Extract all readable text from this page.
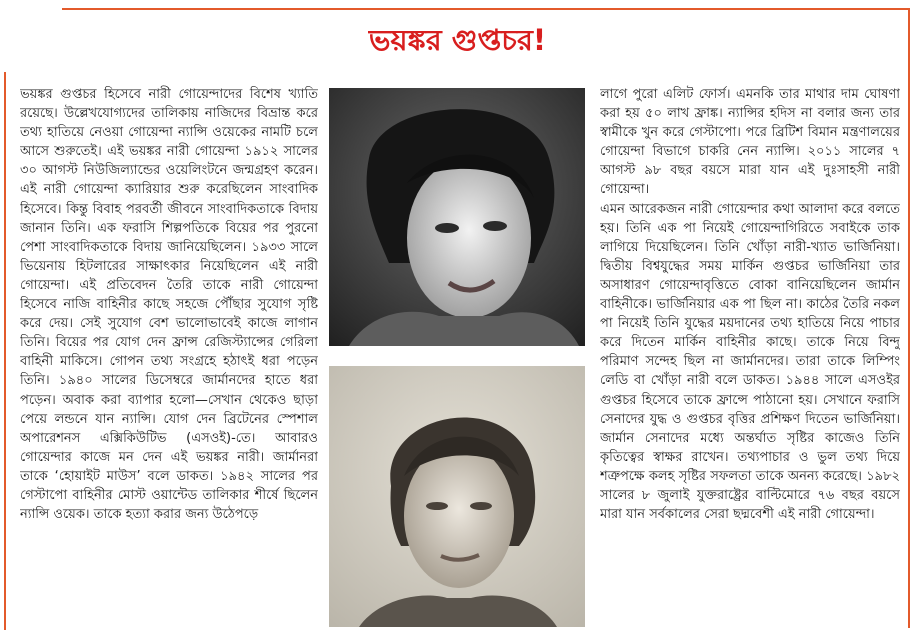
ভয়ঙ্কর গুপ্তচর!

ভয়ঙ্কর গুপ্তচর হিসেবে নারী গোয়েন্দাদের বিশেষ খ্যাতি রয়েছে। উল্লেখযোগ্যদের তালিকায় নাজিদের বিভ্রান্ত করে তথ্য হাতিয়ে নেওয়া গোয়েন্দা ন্যান্সি ওয়েকের নামটি চলে আসে শুরুতেই। এই ভয়ঙ্কর নারী গোয়েন্দা ১৯১২ সালের ৩০ আগস্ট নিউজিল্যান্ডের ওয়েলিংটনে জন্মগ্রহণ করেন। এই নারী গোয়েন্দা ক্যারিয়ার শুরু করেছিলেন সাংবাদিক হিসেবে। কিন্তু বিবাহ পরবর্তী জীবনে সাংবাদিকতাকে বিদায় জানান তিনি। এক ফরাসি শিল্পপতিকে বিয়ের পর পুরনো পেশা সাংবাদিকতাকে বিদায় জানিয়েছিলেন। ১৯৩৩ সালে ভিয়েনায় হিটলারের সাক্ষাৎকার নিয়েছিলেন এই নারী গোয়েন্দা। এই প্রতিবেদন তৈরি তাকে নারী গোয়েন্দা হিসেবে নাজি বাহিনীর কাছে সহজে পৌঁছার সুযোগ সৃষ্টি করে দেয়। সেই সুযোগ বেশ ভালোভাবেই কাজে লাগান তিনি। বিয়ের পর যোগ দেন ফ্রান্স রেজিস্ট্যান্সের গেরিলা বাহিনী মাকিসে। গোপন তথ্য সংগ্রহে হঠাৎই ধরা পড়েন তিনি। ১৯৪০ সালের ডিসেম্বরে জার্মানদের হাতে ধরা পড়েন। অবাক করা ব্যাপার হলো—সেখান থেকেও ছাড়া পেয়ে লন্ডনে যান ন্যান্সি। যোগ দেন ব্রিটেনের স্পেশাল অপারেশনস এক্সিকিউটিভ (এসওই)-তে। আবারও গোয়েন্দার কাজে মন দেন এই ভয়ঙ্কর নারী। জার্মানরা তাকে ‘হোয়াইট মাউস’ বলে ডাকত। ১৯৪২ সালের পর গেস্টাপো বাহিনীর মোস্ট ওয়ান্টেড তালিকার শীর্ষে ছিলেন ন্যান্সি ওয়েক। তাকে হত্যা করার জন্য উঠেপড়ে

লাগে পুরো এলিট ফোর্স। এমনকি তার মাথার দাম ঘোষণা করা হয় ৫০ লাখ ফ্রাঙ্ক। ন্যান্সির হদিস না বলার জন্য তার স্বামীকে খুন করে গেস্টাপো। পরে ব্রিটিশ বিমান মন্ত্রণালয়ের গোয়েন্দা বিভাগে চাকরি নেন ন্যান্সি। ২০১১ সালের ৭ আগস্ট ৯৮ বছর বয়সে মারা যান এই দুঃসাহসী নারী গোয়েন্দা।

এমন আরেকজন নারী গোয়েন্দার কথা আলাদা করে বলতে হয়। তিনি এক পা নিয়েই গোয়েন্দাগিরিতে সবাইকে তাক লাগিয়ে দিয়েছিলেন। তিনি খোঁড়া নারী-খ্যাত ভার্জিনিয়া। দ্বিতীয় বিশ্বযুদ্ধের সময় মার্কিন গুপ্তচর ভার্জিনিয়া তার অসাধারণ গোয়েন্দাবৃত্তিতে বোকা বানিয়েছিলেন জার্মান বাহিনীকে। ভার্জিনিয়ার এক পা ছিল না। কাঠের তৈরি নকল পা নিয়েই তিনি যুদ্ধের ময়দানের তথ্য হাতিয়ে নিয়ে পাচার করে দিতেন মার্কিন বাহিনীর কাছে। তাকে নিয়ে বিন্দু পরিমাণ সন্দেহ ছিল না জার্মানদের। তারা তাকে লিম্পিং লেডি বা খোঁড়া নারী বলে ডাকত। ১৯৪৪ সালে এসওইর গুপ্তচর হিসেবে তাকে ফ্রান্সে পাঠানো হয়। সেখানে ফরাসি সেনাদের যুদ্ধ ও গুপ্তচর বৃত্তির প্রশিক্ষণ দিতেন ভার্জিনিয়া। জার্মান সেনাদের মধ্যে অন্তর্ঘাত সৃষ্টির কাজেও তিনি কৃতিত্বের স্বাক্ষর রাখেন। তথ্যপাচার ও ভুল তথ্য দিয়ে শত্রুপক্ষে কলহ সৃষ্টির সফলতা তাকে অনন্য করেছে। ১৯৮২ সালের ৮ জুলাই যুক্তরাষ্ট্রের বাল্টিমোরে ৭৬ বছর বয়সে মারা যান সর্বকালের সেরা ছদ্মবেশী এই নারী গোয়েন্দা।
